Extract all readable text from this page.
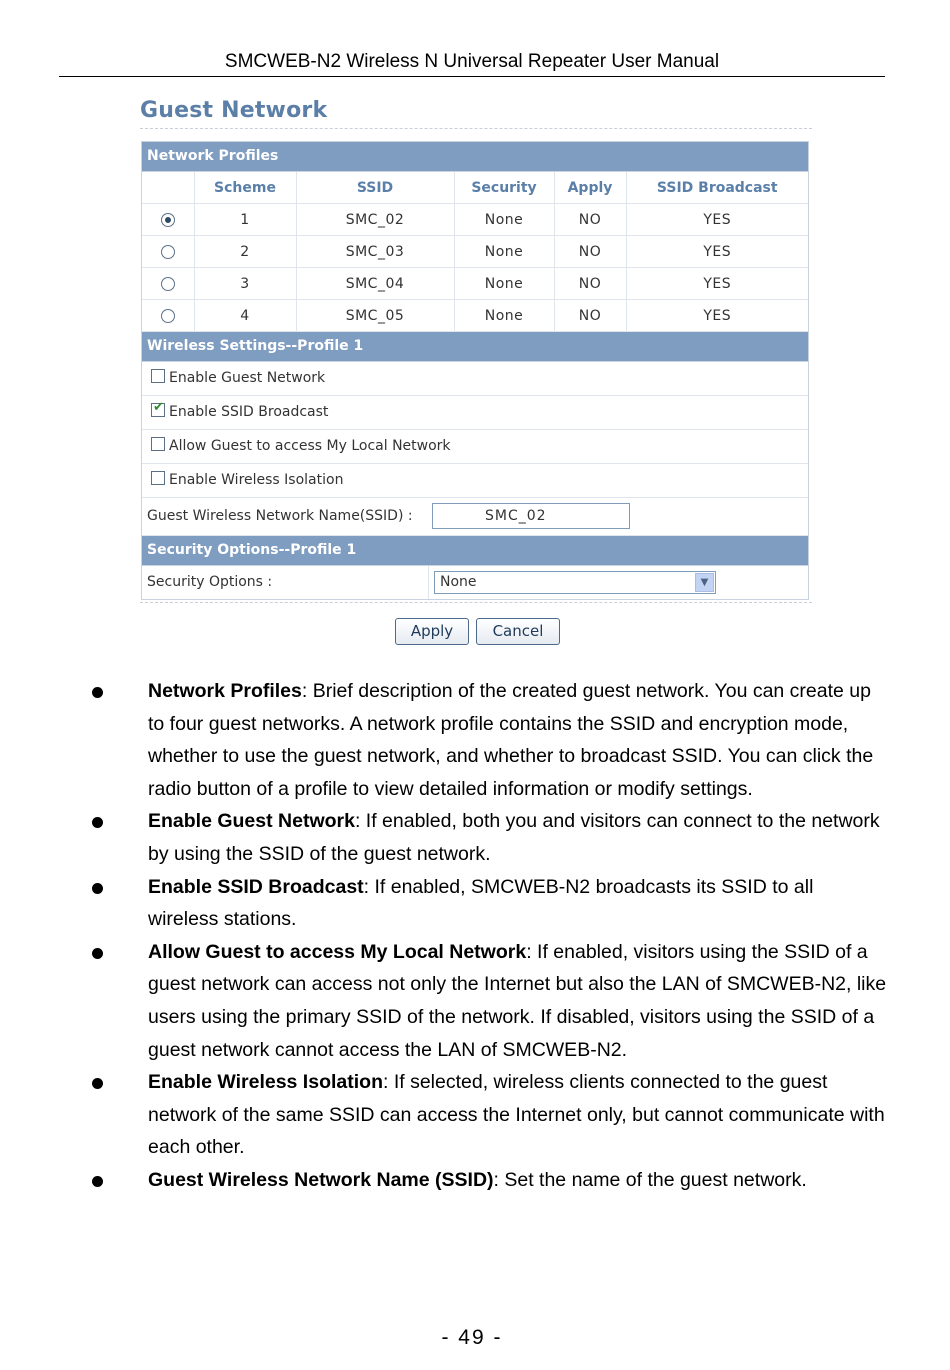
SMCWEB-N2 Wireless N Universal Repeater User Manual
Guest Network
Network Profiles
	Scheme	SSID	Security	Apply	SSID Broadcast
	1	SMC_02	None	NO	YES
	2	SMC_03	None	NO	YES
	3	SMC_04	None	NO	YES
	4	SMC_05	None	NO	YES
Wireless Settings--Profile 1
Enable Guest Network
✔Enable SSID Broadcast
Allow Guest to access My Local Network
Enable Wireless Isolation
Guest Wireless Network Name(SSID) :	SMC_02
Security Options--Profile 1
Security Options :	None	▼
Apply	Cancel
Network Profiles: Brief description of the created guest network. You can create up to four guest networks. A network profile contains the SSID and encryption mode, whether to use the guest network, and whether to broadcast SSID. You can click the radio button of a profile to view detailed information or modify settings.
Enable Guest Network: If enabled, both you and visitors can connect to the network by using the SSID of the guest network.
Enable SSID Broadcast: If enabled, SMCWEB-N2 broadcasts its SSID to all wireless stations.
Allow Guest to access My Local Network: If enabled, visitors using the SSID of a guest network can access not only the Internet but also the LAN of SMCWEB-N2, like users using the primary SSID of the network. If disabled, visitors using the SSID of a guest network cannot access the LAN of SMCWEB-N2.
Enable Wireless Isolation: If selected, wireless clients connected to the guest network of the same SSID can access the Internet only, but cannot communicate with each other.
Guest Wireless Network Name (SSID): Set the name of the guest network.
- 49 -
